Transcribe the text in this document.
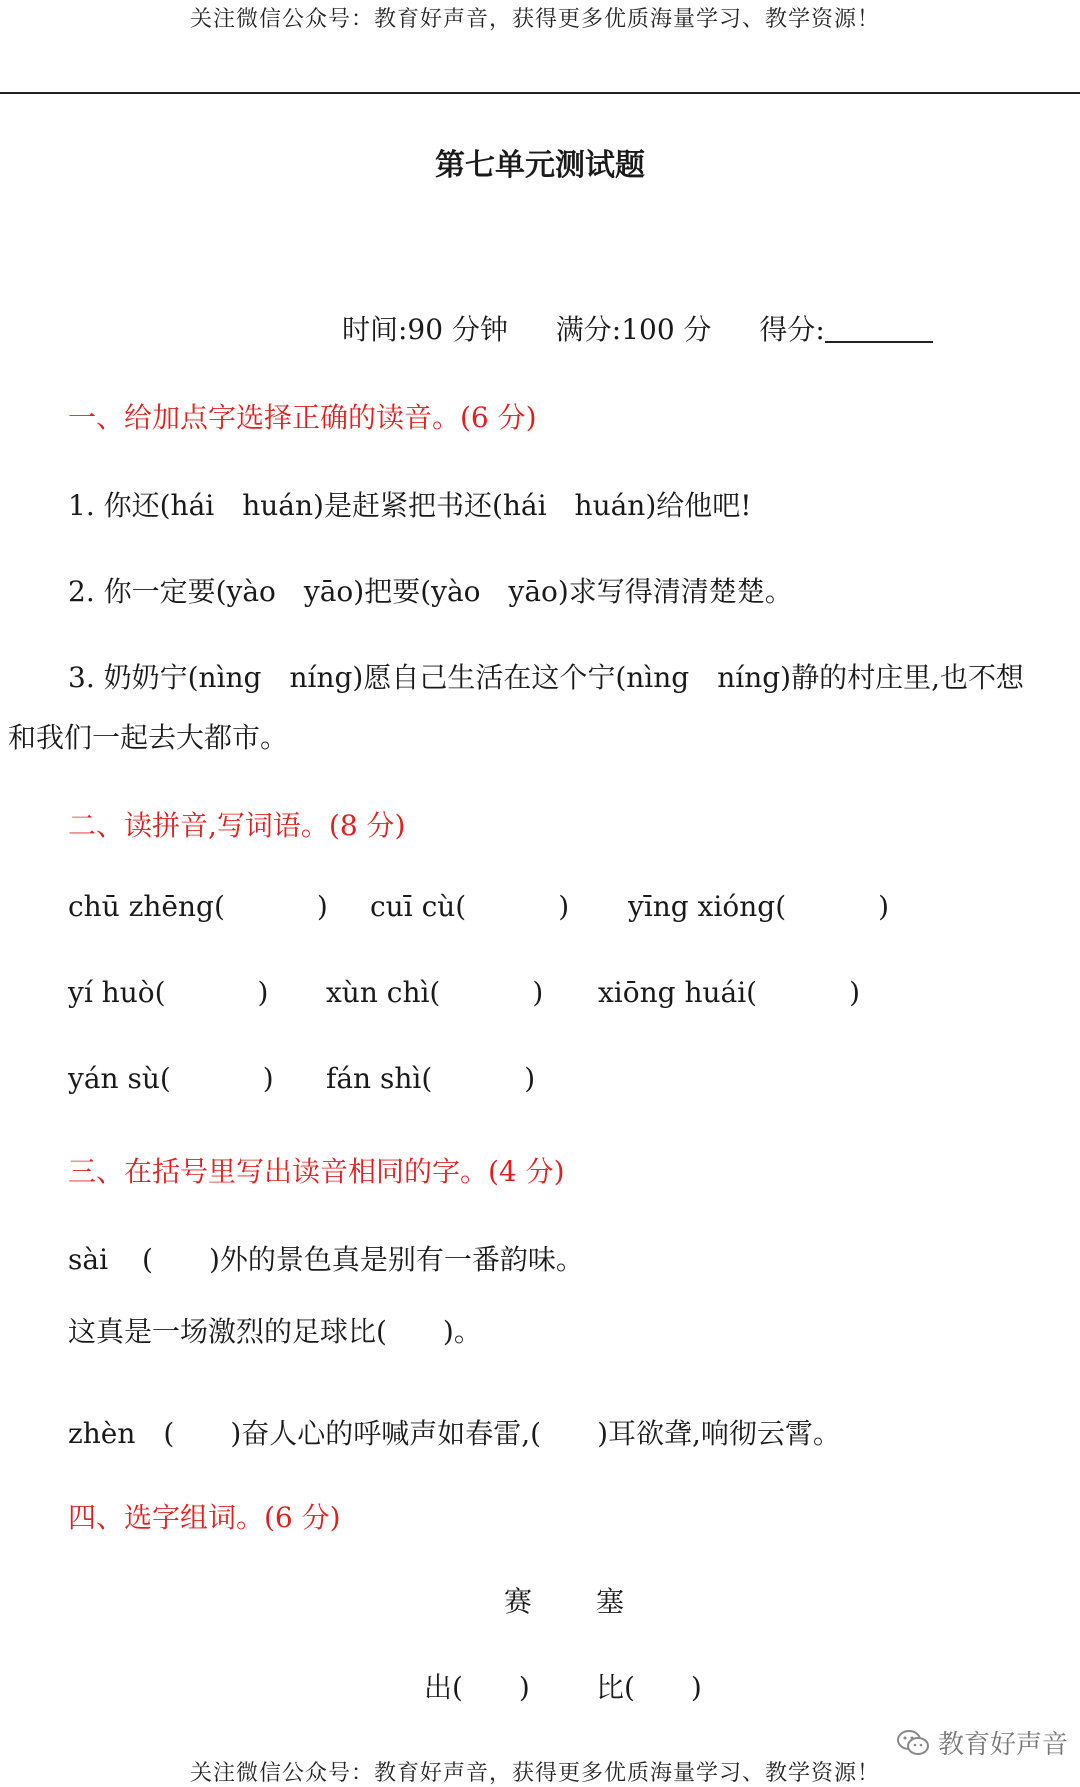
关注微信公众号：教育好声音，获得更多优质海量学习、教学资源！
第七单元测试题
时间:90 分钟 满分:100 分 得分:
一、给加点字选择正确的读音。(6 分)
1. 你还(hái　huán)是赶紧把书还(hái　huán)给他吧!
2. 你一定要(yào　yāo)把要(yào　yāo)求写得清清楚楚。
3. 奶奶宁(nìng　níng)愿自己生活在这个宁(nìng　níng)静的村庄里,也不想
和我们一起去大都市。
二、读拼音,写词语。(8 分)
chū zhēng(	) cuī cù(	) yīng xióng(	)
yí huò(	) xùn chì(	) xiōng huái(	)
yán sù(	) fán shì(	)
三、在括号里写出读音相同的字。(4 分)
sài (　　)外的景色真是别有一番韵味。
这真是一场激烈的足球比(　　)。
zhèn (　　)奋人心的呼喊声如春雷,(　　)耳欲聋,响彻云霄。
四、选字组词。(6 分)
赛 塞
出(　　) 比(　　)
教育好声音
关注微信公众号：教育好声音，获得更多优质海量学习、教学资源！
